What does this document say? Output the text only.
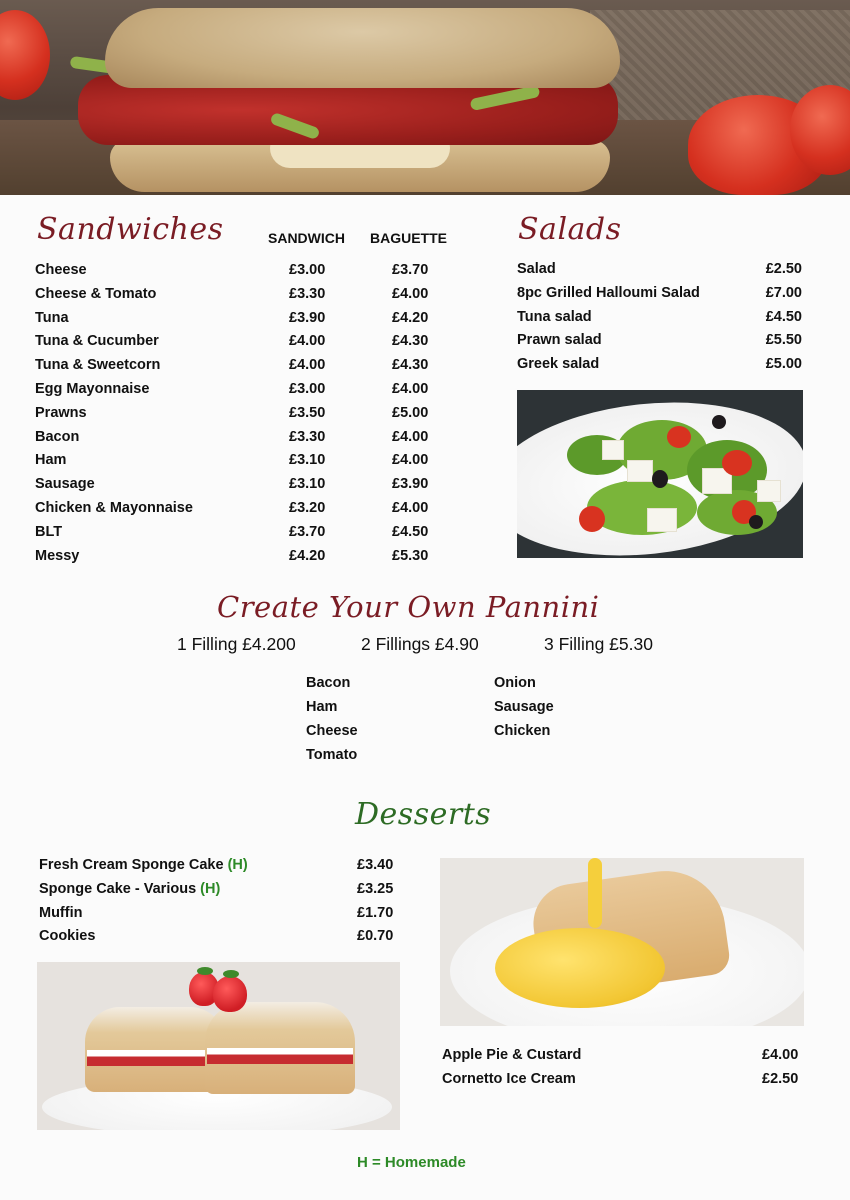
Sandwiches	SANDWICH BAGUETTE
Cheese	£3.00	£3.70
Cheese & Tomato	£3.30	£4.00
Tuna	£3.90	£4.20
Tuna & Cucumber	£4.00	£4.30
Tuna & Sweetcorn	£4.00	£4.30
Egg Mayonnaise	£3.00	£4.00
Prawns	£3.50	£5.00
Bacon	£3.30	£4.00
Ham	£3.10	£4.00
Sausage	£3.10	£3.90
Chicken & Mayonnaise	£3.20	£4.00
BLT	£3.70	£4.50
Messy	£4.20	£5.30
Salads
Salad	£2.50
8pc Grilled Halloumi Salad	£7.00
Tuna salad	£4.50
Prawn salad	£5.50
Greek salad	£5.00
Create Your Own Pannini
1 Filling £4.200	2 Fillings £4.90	3 Filling £5.30
Bacon
Ham
Cheese
Tomato
Onion
Sausage
Chicken
Desserts
Fresh Cream Sponge Cake (H)	£3.40
Sponge Cake - Various (H)	£3.25
Muffin	£1.70
Cookies	£0.70
Apple Pie & Custard	£4.00
Cornetto Ice Cream	£2.50
H = Homemade
